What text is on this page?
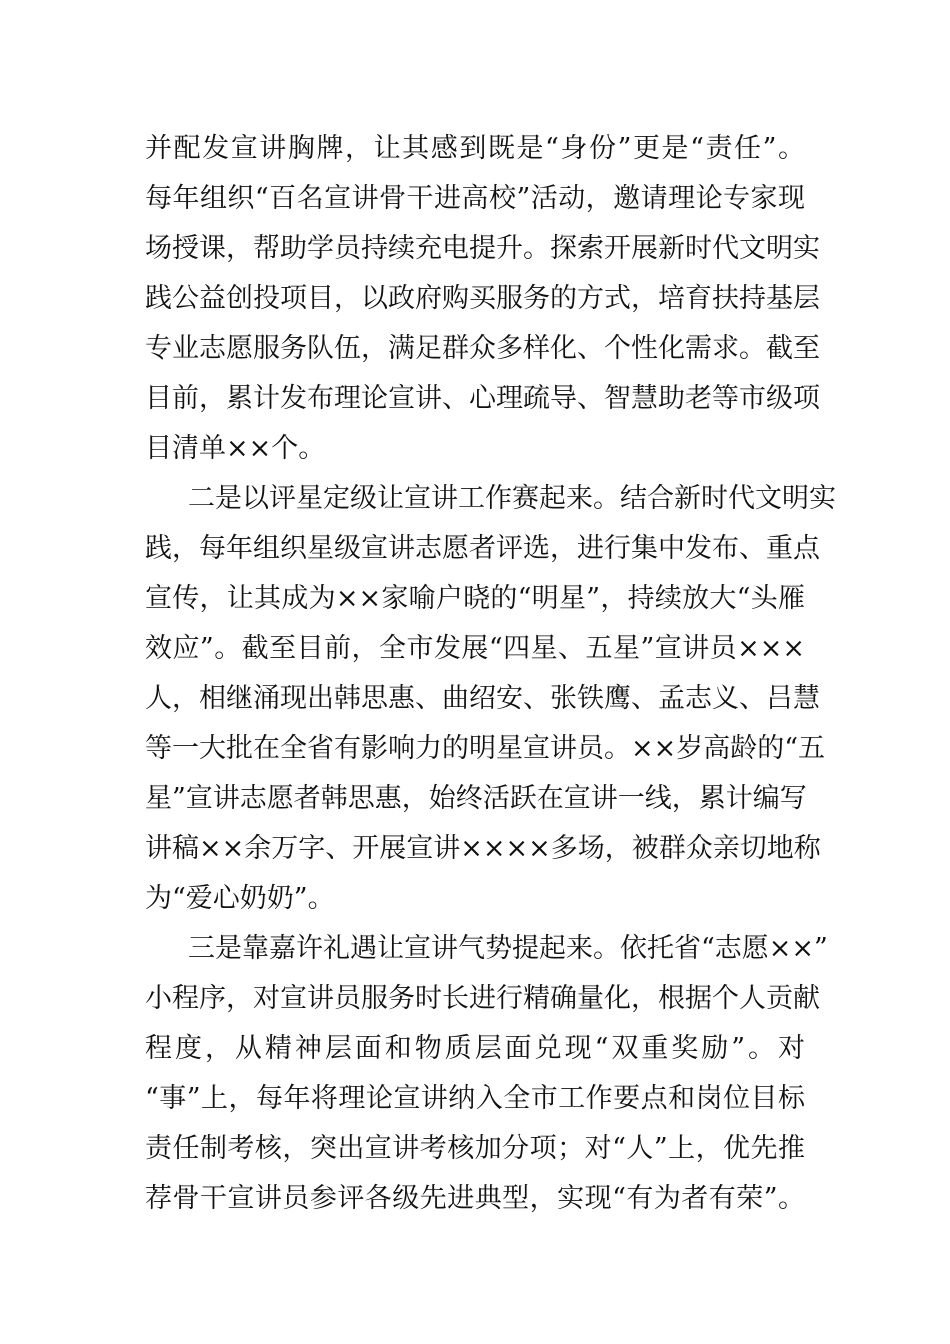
并配发宣讲胸牌，让其感到既是“身份”更是“责任”。
每年组织“百名宣讲骨干进高校”活动，邀请理论专家现
场授课，帮助学员持续充电提升。探索开展新时代文明实
践公益创投项目，以政府购买服务的方式，培育扶持基层
专业志愿服务队伍，满足群众多样化、个性化需求。截至
目前，累计发布理论宣讲、心理疏导、智慧助老等市级项
目清单××个。
二是以评星定级让宣讲工作赛起来。结合新时代文明实
践，每年组织星级宣讲志愿者评选，进行集中发布、重点
宣传，让其成为××家喻户晓的“明星”，持续放大“头雁
效应”。截至目前，全市发展“四星、五星”宣讲员×××
人，相继涌现出韩思惠、曲绍安、张铁鹰、孟志义、吕慧
等一大批在全省有影响力的明星宣讲员。××岁高龄的“五
星”宣讲志愿者韩思惠，始终活跃在宣讲一线，累计编写
讲稿××余万字、开展宣讲××××多场，被群众亲切地称
为“爱心奶奶”。
三是靠嘉许礼遇让宣讲气势提起来。依托省“志愿××”
小程序，对宣讲员服务时长进行精确量化，根据个人贡献
程度，从精神层面和物质层面兑现“双重奖励”。对
“事”上，每年将理论宣讲纳入全市工作要点和岗位目标
责任制考核，突出宣讲考核加分项；对“人”上，优先推
荐骨干宣讲员参评各级先进典型，实现“有为者有荣”。
